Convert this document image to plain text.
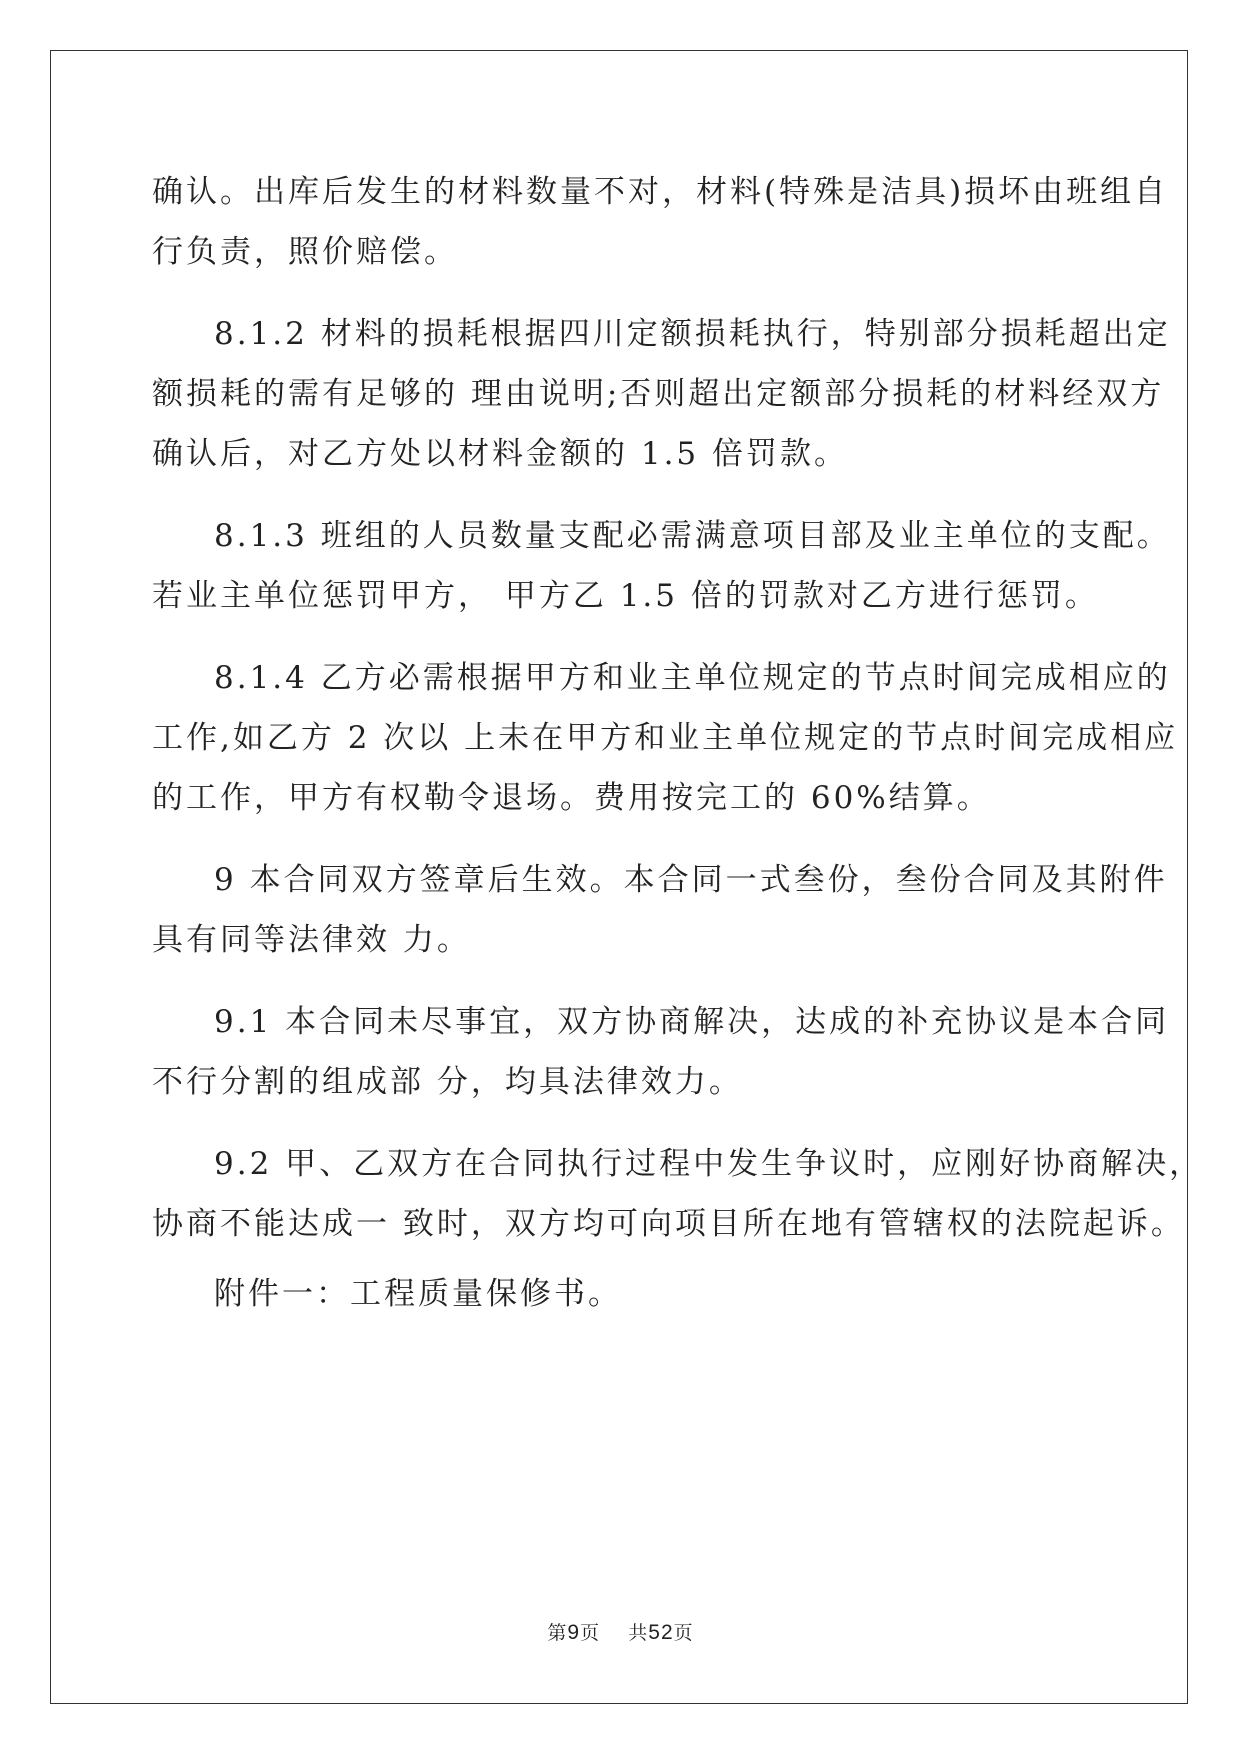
确认。出库后发生的材料数量不对，材料(特殊是洁具)损坏由班组自

行负责，照价赔偿。

8.1.2 材料的损耗根据四川定额损耗执行，特别部分损耗超出定

额损耗的需有足够的 理由说明;否则超出定额部分损耗的材料经双方

确认后，对乙方处以材料金额的 1.5 倍罚款。

8.1.3 班组的人员数量支配必需满意项目部及业主单位的支配。

若业主单位惩罚甲方， 甲方乙 1.5 倍的罚款对乙方进行惩罚。

8.1.4 乙方必需根据甲方和业主单位规定的节点时间完成相应的

工作,如乙方 2 次以 上未在甲方和业主单位规定的节点时间完成相应

的工作，甲方有权勒令退场。费用按完工的 60%结算。

9 本合同双方签章后生效。本合同一式叁份，叁份合同及其附件

具有同等法律效 力。

9.1 本合同未尽事宜，双方协商解决，达成的补充协议是本合同

不行分割的组成部 分，均具法律效力。

9.2 甲、乙双方在合同执行过程中发生争议时，应刚好协商解决，

协商不能达成一 致时，双方均可向项目所在地有管辖权的法院起诉。

附件一：工程质量保修书。

第9页 共52页
